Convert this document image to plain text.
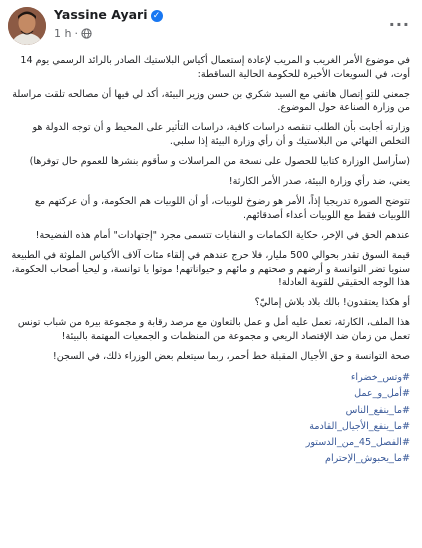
Yassine Ayari ✓
1 h ·
...

في موضوع الأمر الغريب و المريب لإعادة إستعمال أكياس البلاستيك الصادر بالرائد الرسمي يوم 14 أوت، في السويعات الأخيرة للحكومة الحالية الساقطة:

جمعني للتو إتصال هاتفي مع السيد شكري بن حسن وزير البيئة، أكد لي فيها أن مصالحه تلقت مراسلة من وزارة الصناعة حول الموضوع.

وزارته أجابت بأن الطلب تنقصه دراسات كافية، دراسات التأثير على المحيط و أن توجه الدولة هو التخلص النهائي من البلاستيك و أن رأي وزارة البيئة إذا سلبي.

(سأراسل الوزارة كتابيا للحصول على نسخة من المراسلات و سأقوم بنشرها للعموم حال توفرها)

يعني، ضد رأي وزارة البيئة، صدر الأمر الكارثة!

تتوضح الصورة تدريجيا إذاً، الأمر هو رضوخ للوبيات، أو أن اللوبيات هم الحكومة، و أن عركتهم مع اللوبيات فقط مع اللوبيات أعداء أصدقائهم.

عندهم الحق في الإخر، حكاية الكمامات و النفايات تتسمى مجرد "إجتهادات" أمام هذه الفضيحة!

قيمة السوق تقدر بحوالي 500 مليار، فلا حرج عندهم في إلقاء مئات آلاف الأكياس الملوثة في الطبيعة سنويا تضر التوانسة و أرضهم و صحتهم و مائهم و حيواناتهم! موتوا يا توانسة، و ليحيا أصحاب الحكومة، هذا الوجه الحقيقي للقوية العادلة!

أو هكذا يعتقدون! بالك بلاد بلاش إماليّ؟

هذا الملف، الكارثة، تعمل عليه أمل و عمل بالتعاون مع مرصد رقابة و مجموعة بيرة من شباب تونس تعمل من زمان ضد الإقتصاد الريعي و مجموعة من المنظمات و الجمعيات المهتمة بالبيئة!

صحة التوانسة و حق الأجيال المقبلة خط أحمر، ربما سيتعلم بعض الوزراء ذلك، في السجن!

#وتس_خضراء
#أمل_و_عمل
#ما_ينفع_الناس
#ما_ينفع_الأجيال_القادمة
#الفصل_45_من_الدستور
#ما_يحبوش_الإحترام
